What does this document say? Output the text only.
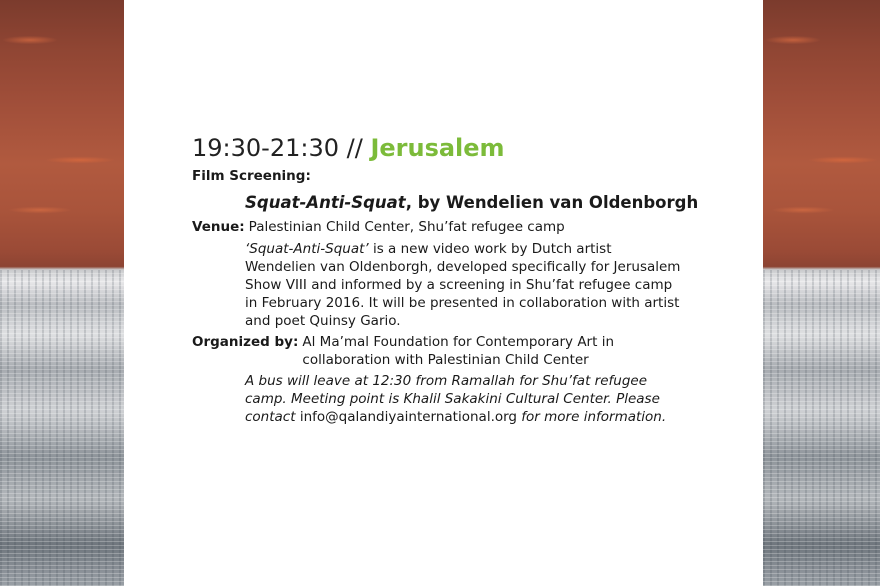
19:30-21:30 // Jerusalem
Film Screening:
Squat-Anti-Squat, by Wendelien van Oldenborgh
Venue: Palestinian Child Center, Shu’fat refugee camp
‘Squat-Anti-Squat’ is a new video work by Dutch artist Wendelien van Oldenborgh, developed specifically for Jerusalem Show VIII and informed by a screening in Shu’fat refugee camp in February 2016. It will be presented in collaboration with artist and poet Quinsy Gario.
Organized by: Al Ma’mal Foundation for Contemporary Art in collaboration with Palestinian Child Center
A bus will leave at 12:30 from Ramallah for Shu’fat refugee camp. Meeting point is Khalil Sakakini Cultural Center. Please contact info@qalandiyainternational.org for more information.
